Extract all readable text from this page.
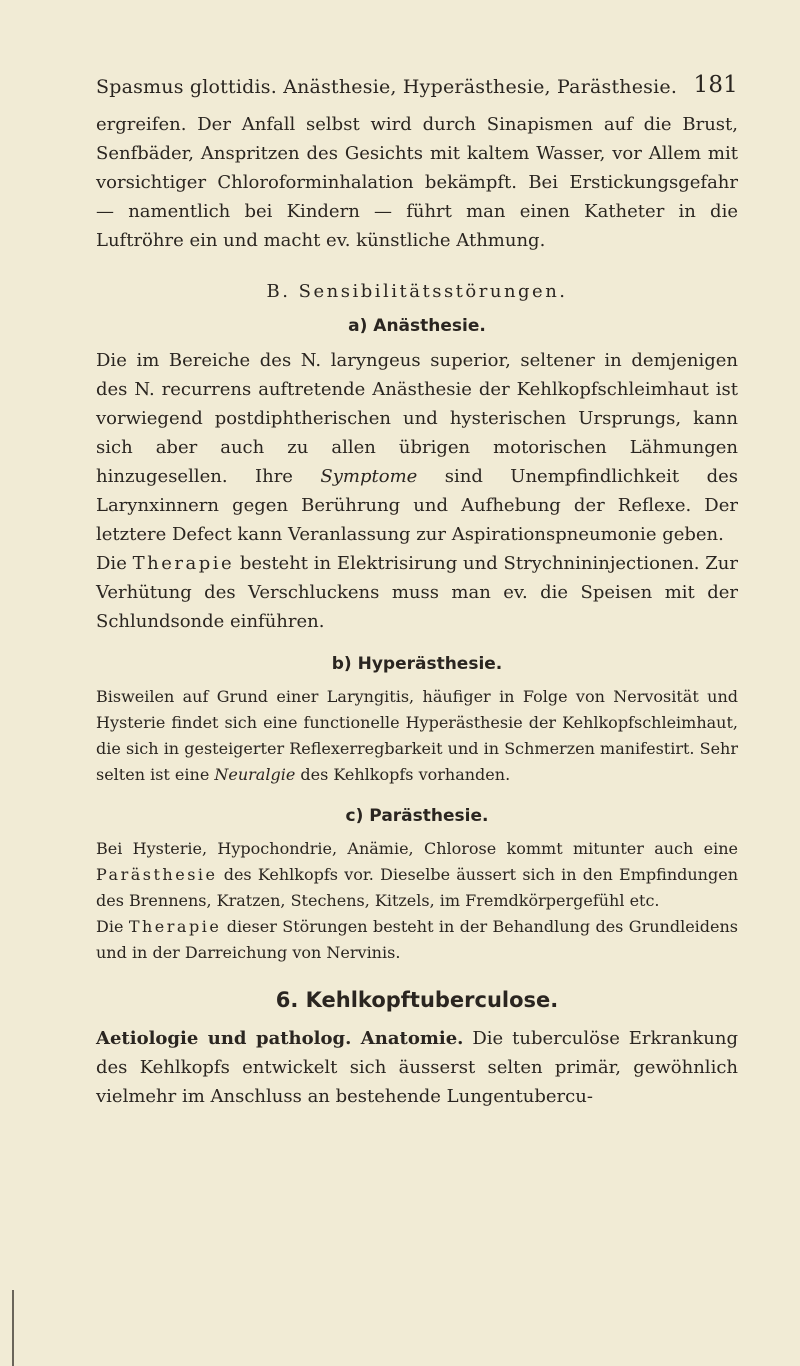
Spasmus glottidis. Anästhesie, Hyperästhesie, Parästhesie. 181

ergreifen. Der Anfall selbst wird durch Sinapismen auf die Brust, Senfbäder, Anspritzen des Gesichts mit kaltem Wasser, vor Allem mit vorsichtiger Chloroforminhalation bekämpft. Bei Erstickungsgefahr — namentlich bei Kindern — führt man einen Katheter in die Luftröhre ein und macht ev. künstliche Athmung.

B. Sensibilitätsstörungen.
a) Anästhesie.

Die im Bereiche des N. laryngeus superior, seltener in demjenigen des N. recurrens auftretende Anästhesie der Kehlkopfschleimhaut ist vorwiegend postdiphtherischen und hysterischen Ursprungs, kann sich aber auch zu allen übrigen motorischen Lähmungen hinzugesellen. Ihre Symptome sind Unempfindlichkeit des Larynxinnern gegen Berührung und Aufhebung der Reflexe. Der letztere Defect kann Veranlassung zur Aspirationspneumonie geben.

Die Therapie besteht in Elektrisirung und Strychnininjectionen. Zur Verhütung des Verschluckens muss man ev. die Speisen mit der Schlundsonde einführen.

b) Hyperästhesie.

Bisweilen auf Grund einer Laryngitis, häufiger in Folge von Nervosität und Hysterie findet sich eine functionelle Hyperästhesie der Kehlkopfschleimhaut, die sich in gesteigerter Reflexerregbarkeit und in Schmerzen manifestirt. Sehr selten ist eine Neuralgie des Kehlkopfs vorhanden.

c) Parästhesie.

Bei Hysterie, Hypochondrie, Anämie, Chlorose kommt mitunter auch eine Parästhesie des Kehlkopfs vor. Dieselbe äussert sich in den Empfindungen des Brennens, Kratzen, Stechens, Kitzels, im Fremdkörpergefühl etc.

Die Therapie dieser Störungen besteht in der Behandlung des Grundleidens und in der Darreichung von Nervinis.

6. Kehlkopftuberculose.

Aetiologie und patholog. Anatomie. Die tuberculöse Erkrankung des Kehlkopfs entwickelt sich äusserst selten primär, gewöhnlich vielmehr im Anschluss an bestehende Lungentubercu-
